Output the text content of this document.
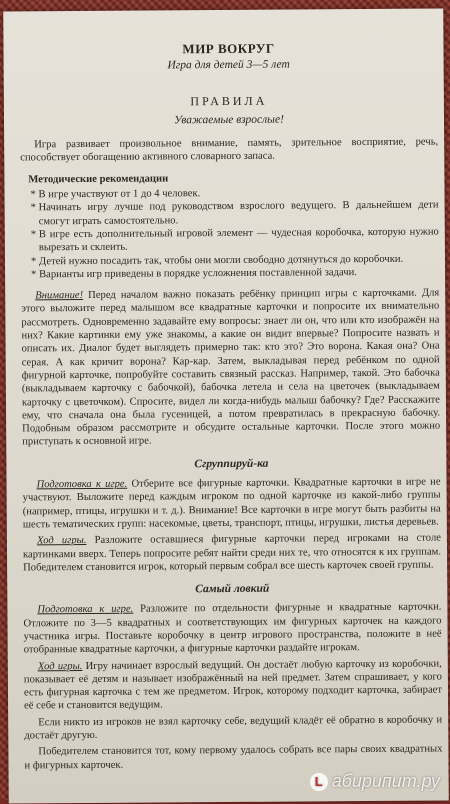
МИР ВОКРУГ
Игра для детей 3—5 лет
ПРАВИЛА
Уважаемые взрослые!

Игра развивает произвольное внимание, память, зрительное восприятие, речь, способствует обогащению активного словарного запаса.

Методические рекомендации
* В игре участвуют от 1 до 4 человек.
* Начинать игру лучше под руководством взрослого ведущего. В дальнейшем дети смогут играть самостоятельно.
* В игре есть дополнительный игровой элемент — чудесная коробочка, которую нужно вырезать и склеить.
* Детей нужно посадить так, чтобы они могли свободно дотянуться до коробочки.
* Варианты игр приведены в порядке усложнения поставленной задачи.

Внимание! Перед началом важно показать ребёнку принцип игры с карточками. Для этого выложите перед малышом все квадратные карточки и попросите их внимательно рассмотреть. Одновременно задавайте ему вопросы: знает ли он, что или кто изображён на них? Какие картинки ему уже знакомы, а какие он видит впервые? Попросите назвать и описать их. Диалог будет выглядеть примерно так: кто это? Это ворона. Какая она? Она серая. А как кричит ворона? Кар-кар. Затем, выкладывая перед ребёнком по одной фигурной карточке, попробуйте составить связный рассказ. Например, такой. Это бабочка (выкладываем карточку с бабочкой), бабочка летела и села на цветочек (выкладываем карточку с цветочком). Спросите, видел ли когда-нибудь малыш бабочку? Где? Расскажите ему, что сначала она была гусеницей, а потом превратилась в прекрасную бабочку. Подобным образом рассмотрите и обсудите остальные карточки. После этого можно приступать к основной игре.

Сгруппируй-ка

Подготовка к игре. Отберите все фигурные карточки. Квадратные карточки в игре не участвуют. Выложите перед каждым игроком по одной карточке из какой-либо группы (например, птицы, игрушки и т. д.). Внимание! Все карточки в игре могут быть разбиты на шесть тематических групп: насекомые, цветы, транспорт, птицы, игрушки, листья деревьев.

Ход игры. Разложите оставшиеся фигурные карточки перед игроками на столе картинками вверх. Теперь попросите ребят найти среди них те, что относятся к их группам. Победителем становится игрок, который первым собрал все шесть карточек своей группы.

Самый ловкий

Подготовка к игре. Разложите по отдельности фигурные и квадратные карточки. Отложите по 3—5 квадратных и соответствующих им фигурных карточек на каждого участника игры. Поставьте коробочку в центр игрового пространства, положите в неё отобранные квадратные карточки, а фигурные карточки раздайте игрокам.

Ход игры. Игру начинает взрослый ведущий. Он достаёт любую карточку из коробочки, показывает её детям и называет изображённый на ней предмет. Затем спрашивает, у кого есть фигурная карточка с тем же предметом. Игрок, которому подходит карточка, забирает её себе и становится ведущим.

Если никто из игроков не взял карточку себе, ведущий кладёт её обратно в коробочку и достаёт другую.

Победителем становится тот, кому первому удалось собрать все пары своих квадратных и фигурных карточек.

L абирипит.ру
